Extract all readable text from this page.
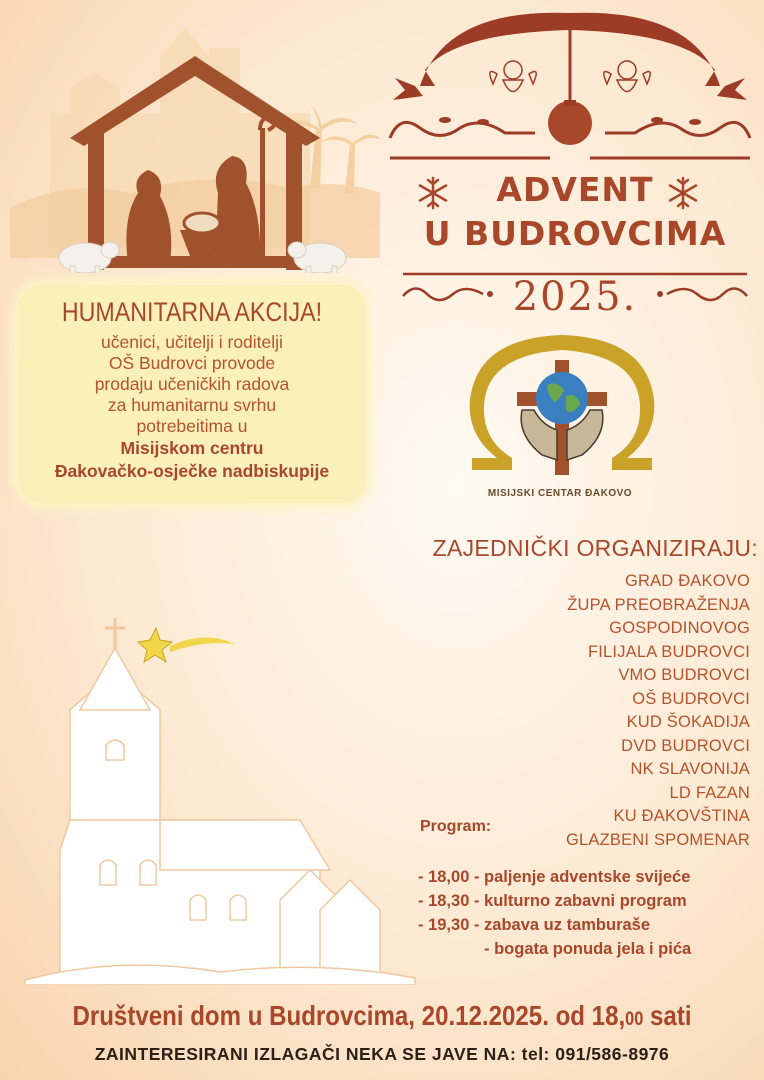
ADVENT
U BUDROVCIMA
2025.
HUMANITARNA AKCIJA!
učenici, učitelji i roditelji
OŠ Budrovci provode
prodaju učeničkih radova
za humanitarnu svrhu
potrebeitima u
Misijskom centru
Đakovačko-osječke nadbiskupije
MISIJSKI CENTAR ĐAKOVO
ZAJEDNIČKI ORGANIZIRAJU:
GRAD ĐAKOVO
ŽUPA PREOBRAŽENJA GOSPODINOVOG
FILIJALA BUDROVCI
VMO BUDROVCI
OŠ BUDROVCI
KUD ŠOKADIJA
DVD BUDROVCI
NK SLAVONIJA
LD FAZAN
KU ĐAKOVŠTINA
GLAZBENI SPOMENAR
Program:
- 18,00 - paljenje adventske svijeće
- 18,30 - kulturno zabavni program
- 19,30 - zabava uz tamburaše
- bogata ponuda jela i pića
Društveni dom u Budrovcima, 20.12.2025. od 18,00 sati
ZAINTERESIRANI IZLAGAČI NEKA SE JAVE NA: tel: 091/586-8976
